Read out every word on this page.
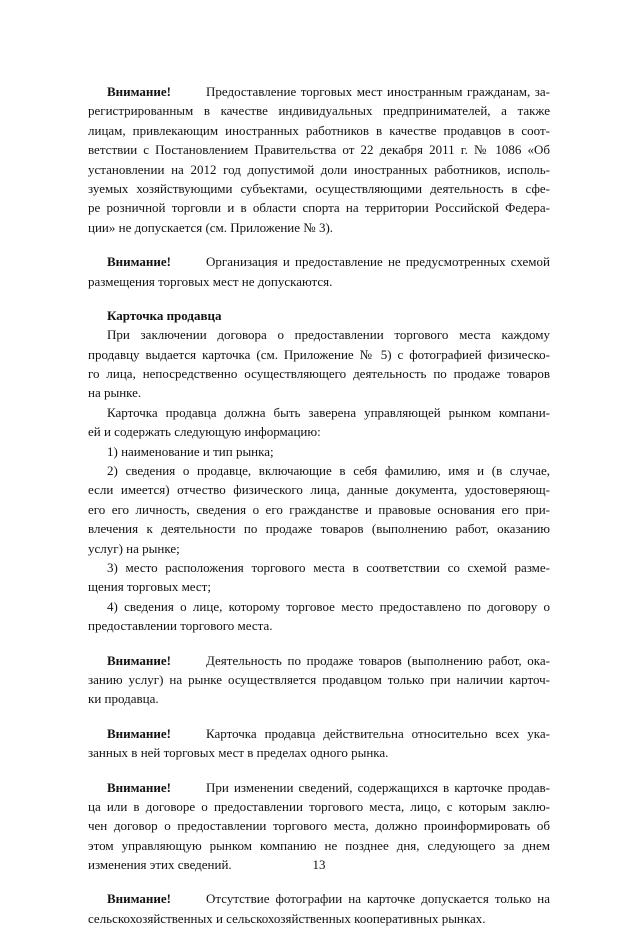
Внимание!	Предоставление торговых мест иностранным гражданам, за-
регистрированным в качестве индивидуальных предпринимателей, а также
лицам, привлекающим иностранных работников в качестве продавцов в соот-
ветствии с Постановлением Правительства от 22 декабря 2011 г. № 1086 «Об
установлении на 2012 год допустимой доли иностранных работников, исполь-
зуемых хозяйствующими субъектами, осуществляющими деятельность в сфе-
ре розничной торговли и в области спорта на территории Российской Федера-
ции» не допускается (см. Приложение № 3).
Внимание!	Организация и предоставление не предусмотренных схемой
размещения торговых мест не допускаются.
Карточка продавца
При заключении договора о предоставлении торгового места каждому
продавцу выдается карточка (см. Приложение № 5) с фотографией физическо-
го лица, непосредственно осуществляющего деятельность по продаже товаров
на рынке.
Карточка продавца должна быть заверена управляющей рынком компани-
ей и содержать следующую информацию:
1) наименование и тип рынка;
2) сведения о продавце, включающие в себя фамилию, имя и (в случае,
если имеется) отчество физического лица, данные документа, удостоверяющ-
его его личность, сведения о его гражданстве и правовые основания его при-
влечения к деятельности по продаже товаров (выполнению работ, оказанию
услуг) на рынке;
3) место расположения торгового места в соответствии со схемой разме-
щения торговых мест;
4) сведения о лице, которому торговое место предоставлено по договору о
предоставлении торгового места.
Внимание!	Деятельность по продаже товаров (выполнению работ, ока-
занию услуг) на рынке осуществляется продавцом только при наличии карточ-
ки продавца.
Внимание!	Карточка продавца действительна относительно всех ука-
занных в ней торговых мест в пределах одного рынка.
Внимание!	При изменении сведений, содержащихся в карточке продав-
ца или в договоре о предоставлении торгового места, лицо, с которым заклю-
чен договор о предоставлении торгового места, должно проинформировать об
этом управляющую рынком компанию не позднее дня, следующего за днем
изменения этих сведений.
Внимание!	Отсутствие фотографии на карточке допускается только на
сельскохозяйственных и сельскохозяйственных кооперативных рынках.
13
